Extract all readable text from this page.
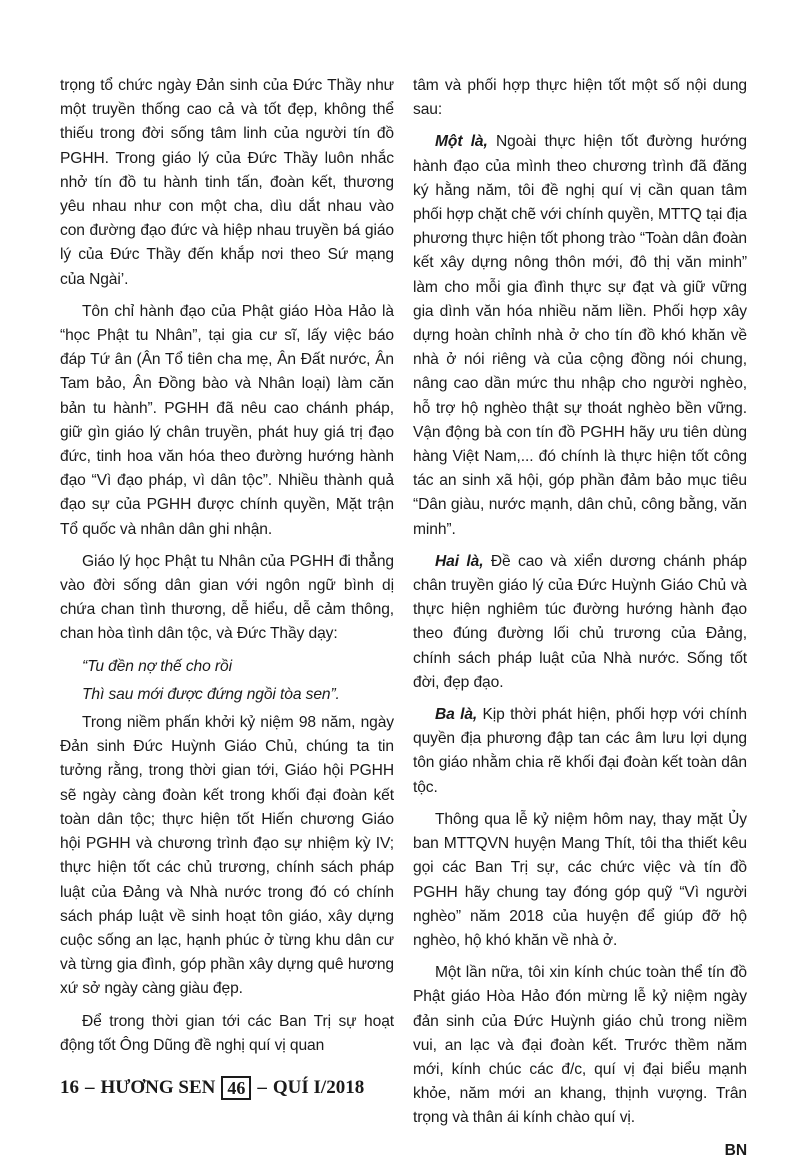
trọng tổ chức ngày Đản sinh của Đức Thầy như một truyền thống cao cả và tốt đẹp, không thể thiếu trong đời sống tâm linh của người tín đồ PGHH. Trong giáo lý của Đức Thầy luôn nhắc nhở tín đồ tu hành tinh tấn, đoàn kết, thương yêu nhau như con một cha, dìu dắt nhau vào con đường đạo đức và hiệp nhau truyền bá giáo lý của Đức Thầy đến khắp nơi theo Sứ mạng của Ngài’.

Tôn chỉ hành đạo của Phật giáo Hòa Hảo là “học Phật tu Nhân”, tại gia cư sĩ, lấy việc báo đáp Tứ ân (Ân Tổ tiên cha mẹ, Ân Đất nước, Ân Tam bảo, Ân Đồng bào và Nhân loại) làm căn bản tu hành”. PGHH đã nêu cao chánh pháp, giữ gìn giáo lý chân truyền, phát huy giá trị đạo đức, tinh hoa văn hóa theo đường hướng hành đạo “Vì đạo pháp, vì dân tộc”. Nhiều thành quả đạo sự của PGHH được chính quyền, Mặt trận Tổ quốc và nhân dân ghi nhận.

Giáo lý học Phật tu Nhân của PGHH đi thẳng vào đời sống dân gian với ngôn ngữ bình dị chứa chan tình thương, dễ hiểu, dễ cảm thông, chan hòa tình dân tộc, và Đức Thầy dạy:

“Tu đền nợ thế cho rồi

Thì sau mới được đứng ngồi tòa sen”.

Trong niềm phấn khởi kỷ niệm 98 năm, ngày Đản sinh Đức Huỳnh Giáo Chủ, chúng ta tin tưởng rằng, trong thời gian tới, Giáo hội PGHH sẽ ngày càng đoàn kết trong khối đại đoàn kết toàn dân tộc; thực hiện tốt Hiến chương Giáo hội PGHH và chương trình đạo sự nhiệm kỳ IV; thực hiện tốt các chủ trương, chính sách pháp luật của Đảng và Nhà nước trong đó có chính sách pháp luật về sinh hoạt tôn giáo, xây dựng cuộc sống an lạc, hạnh phúc ở từng khu dân cư và từng gia đình, góp phần xây dựng quê hương xứ sở ngày càng giàu đẹp.

Để trong thời gian tới các Ban Trị sự hoạt động tốt Ông Dũng đề nghị quí vị quan

tâm và phối hợp thực hiện tốt một số nội dung sau:

Một là, Ngoài thực hiện tốt đường hướng hành đạo của mình theo chương trình đã đăng ký hằng năm, tôi đề nghị quí vị cần quan tâm phối hợp chặt chẽ với chính quyền, MTTQ tại địa phương thực hiện tốt phong trào “Toàn dân đoàn kết xây dựng nông thôn mới, đô thị văn minh” làm cho mỗi gia đình thực sự đạt và giữ vững gia dình văn hóa nhiều năm liền. Phối hợp xây dựng hoàn chỉnh nhà ở cho tín đồ khó khăn về nhà ở nói riêng và của cộng đồng nói chung, nâng cao dần mức thu nhập cho người nghèo, hỗ trợ hộ nghèo thật sự thoát nghèo bền vững. Vận động bà con tín đồ PGHH hãy ưu tiên dùng hàng Việt Nam,... đó chính là thực hiện tốt công tác an sinh xã hội, góp phần đảm bảo mục tiêu “Dân giàu, nước mạnh, dân chủ, công bằng, văn minh”.

Hai là, Đề cao và xiển dương chánh pháp chân truyền giáo lý của Đức Huỳnh Giáo Chủ và thực hiện nghiêm túc đường hướng hành đạo theo đúng đường lối chủ trương của Đảng, chính sách pháp luật của Nhà nước. Sống tốt đời, đẹp đạo.

Ba là, Kịp thời phát hiện, phối hợp với chính quyền địa phương đập tan các âm lưu lợi dụng tôn giáo nhằm chia rẽ khối đại đoàn kết toàn dân tộc.

Thông qua lễ kỷ niệm hôm nay, thay mặt Ủy ban MTTQVN huyện Mang Thít, tôi tha thiết kêu gọi các Ban Trị sự, các chức việc và tín đồ PGHH hãy chung tay đóng góp quỹ “Vì người nghèo” năm 2018 của huyện để giúp đỡ hộ nghèo, hộ khó khăn về nhà ở.

Một lần nữa, tôi xin kính chúc toàn thể tín đồ Phật giáo Hòa Hảo đón mừng lễ kỷ niệm ngày đản sinh của Đức Huỳnh giáo chủ trong niềm vui, an lạc và đại đoàn kết. Trước thềm năm mới, kính chúc các đ/c, quí vị đại biểu mạnh khỏe, năm mới an khang, thịnh vượng. Trân trọng và thân ái kính chào quí vị.

BN

16 – HƯƠNG SEN 46 – QUÍ I/2018
